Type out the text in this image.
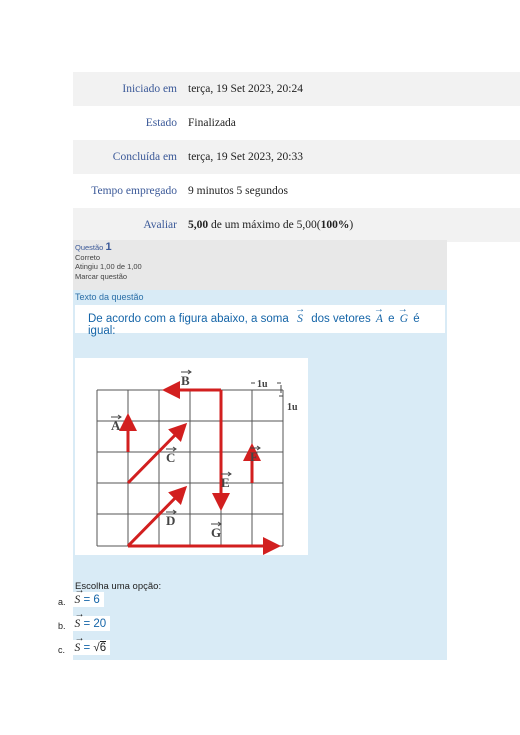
Iniciado em terça, 19 Set 2023, 20:24
Estado Finalizada
Concluída em terça, 19 Set 2023, 20:33
Tempo empregado 9 minutos 5 segundos
Avaliar 5,00 de um máximo de 5,00(100%)
Questão 1
Correto
Atingiu 1,00 de 1,00
Marcar questão
Texto da questão
De acordo com a figura abaixo, a soma → S dos vetores → A e → G é igual:
A
B
C
D
E
F
G
1u
1u
Escolha uma opção:
a. → S = 6
b. → S = 20
c. → S = √6
